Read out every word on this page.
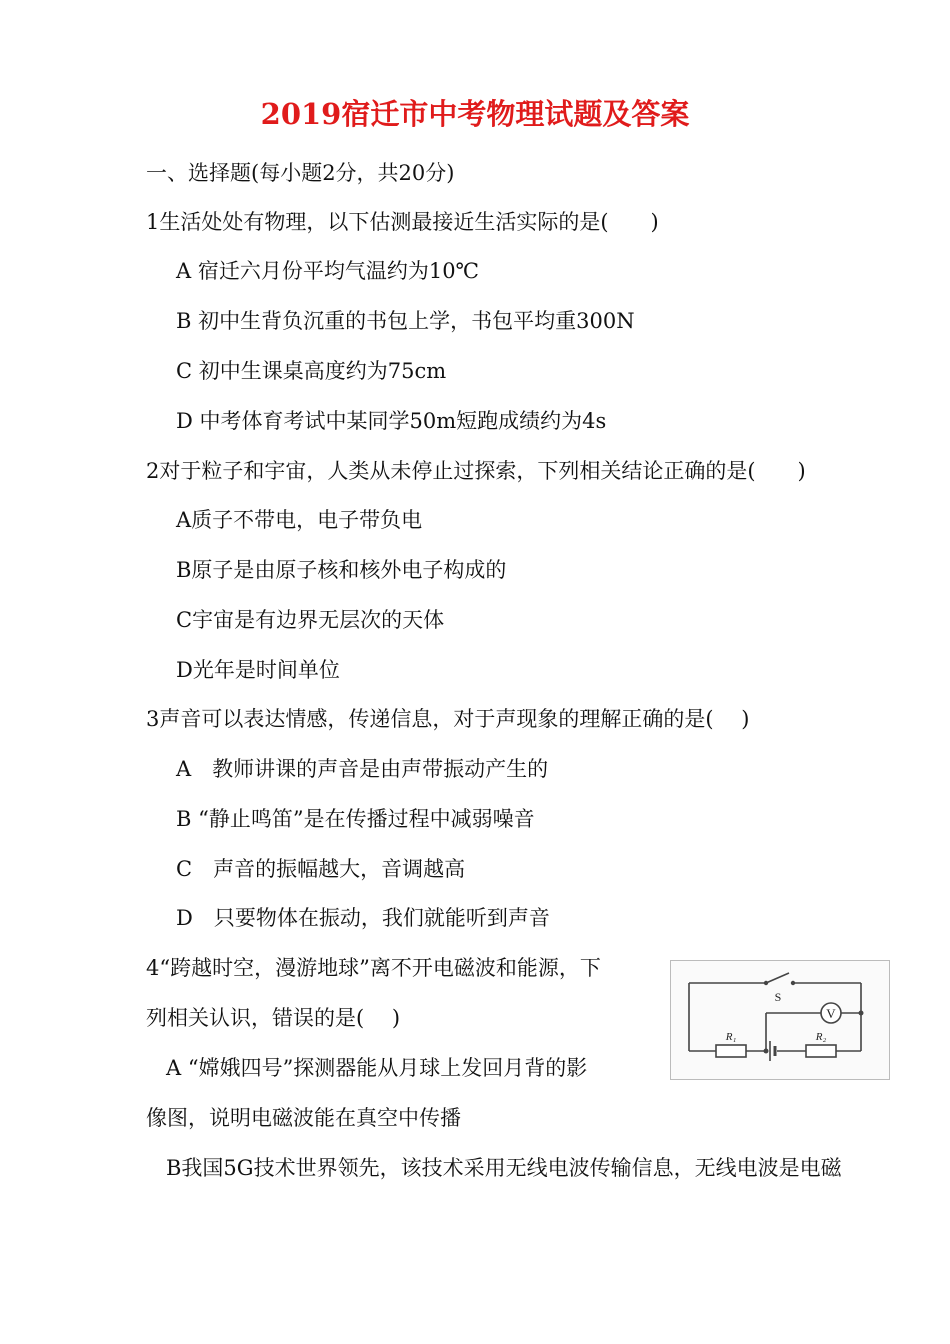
2019宿迁市中考物理试题及答案
一、选择题(每小题2分，共20分)
1生活处处有物理，以下估测最接近生活实际的是(　　)
A 宿迁六月份平均气温约为10℃
B 初中生背负沉重的书包上学，书包平均重300N
C 初中生课桌高度约为75cm
D 中考体育考试中某同学50m短跑成绩约为4s
2对于粒子和宇宙，人类从未停止过探索，下列相关结论正确的是(　　)
A质子不带电，电子带负电
B原子是由原子核和核外电子构成的
C宇宙是有边界无层次的天体
D光年是时间单位
3声音可以表达情感，传递信息，对于声现象的理解正确的是(　 )
A　教师讲课的声音是由声带振动产生的
B “静止鸣笛”是在传播过程中减弱噪音
C　声音的振幅越大，音调越高
D　只要物体在振动，我们就能听到声音
4“跨越时空，漫游地球”离不开电磁波和能源，下
列相关认识，错误的是(　 )
A “嫦娥四号”探测器能从月球上发回月背的影
像图，说明电磁波能在真空中传播
B我国5G技术世界领先，该技术采用无线电波传输信息，无线电波是电磁
V
S
R₁	R₂
